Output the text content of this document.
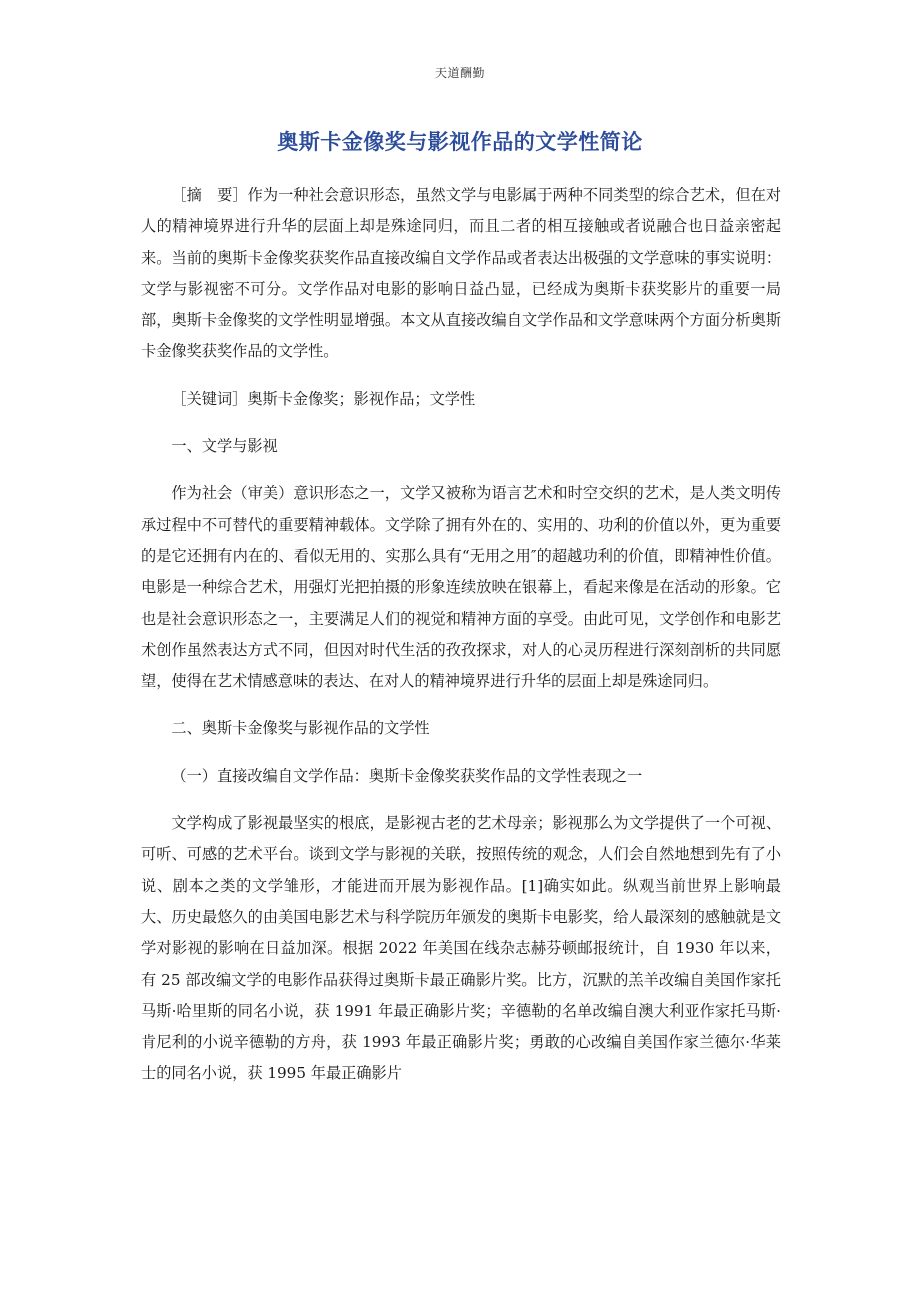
天道酬勤
奥斯卡金像奖与影视作品的文学性简论

［摘　要］作为一种社会意识形态，虽然文学与电影属于两种不同类型的综合艺术，但在对人的精神境界进行升华的层面上却是殊途同归，而且二者的相互接触或者说融合也日益亲密起来。当前的奥斯卡金像奖获奖作品直接改编自文学作品或者表达出极强的文学意味的事实说明：文学与影视密不可分。文学作品对电影的影响日益凸显，已经成为奥斯卡获奖影片的重要一局部，奥斯卡金像奖的文学性明显增强。本文从直接改编自文学作品和文学意味两个方面分析奥斯卡金像奖获奖作品的文学性。

［关键词］奥斯卡金像奖；影视作品；文学性

一、文学与影视

作为社会（审美）意识形态之一，文学又被称为语言艺术和时空交织的艺术，是人类文明传承过程中不可替代的重要精神载体。文学除了拥有外在的、实用的、功利的价值以外，更为重要的是它还拥有内在的、看似无用的、实那么具有“无用之用″的超越功利的价值，即精神性价值。电影是一种综合艺术，用强灯光把拍摄的形象连续放映在银幕上，看起来像是在活动的形象。它也是社会意识形态之一，主要满足人们的视觉和精神方面的享受。由此可见，文学创作和电影艺术创作虽然表达方式不同，但因对时代生活的孜孜探求，对人的心灵历程进行深刻剖析的共同愿望，使得在艺术情感意味的表达、在对人的精神境界进行升华的层面上却是殊途同归。

二、奥斯卡金像奖与影视作品的文学性

（一）直接改编自文学作品：奥斯卡金像奖获奖作品的文学性表现之一

文学构成了影视最坚实的根底，是影视古老的艺术母亲；影视那么为文学提供了一个可视、可听、可感的艺术平台。谈到文学与影视的关联，按照传统的观念，人们会自然地想到先有了小说、剧本之类的文学雏形，才能进而开展为影视作品。[1]确实如此。纵观当前世界上影响最大、历史最悠久的由美国电影艺术与科学院历年颁发的奥斯卡电影奖，给人最深刻的感触就是文学对影视的影响在日益加深。根据 2022 年美国在线杂志赫芬顿邮报统计，自 1930 年以来，有 25 部改编文学的电影作品获得过奥斯卡最正确影片奖。比方，沉默的羔羊改编自美国作家托马斯·哈里斯的同名小说，获 1991 年最正确影片奖；辛德勒的名单改编自澳大利亚作家托马斯·肯尼利的小说辛德勒的方舟，获 1993 年最正确影片奖；勇敢的心改编自美国作家兰德尔·华莱士的同名小说，获 1995 年最正确影片
